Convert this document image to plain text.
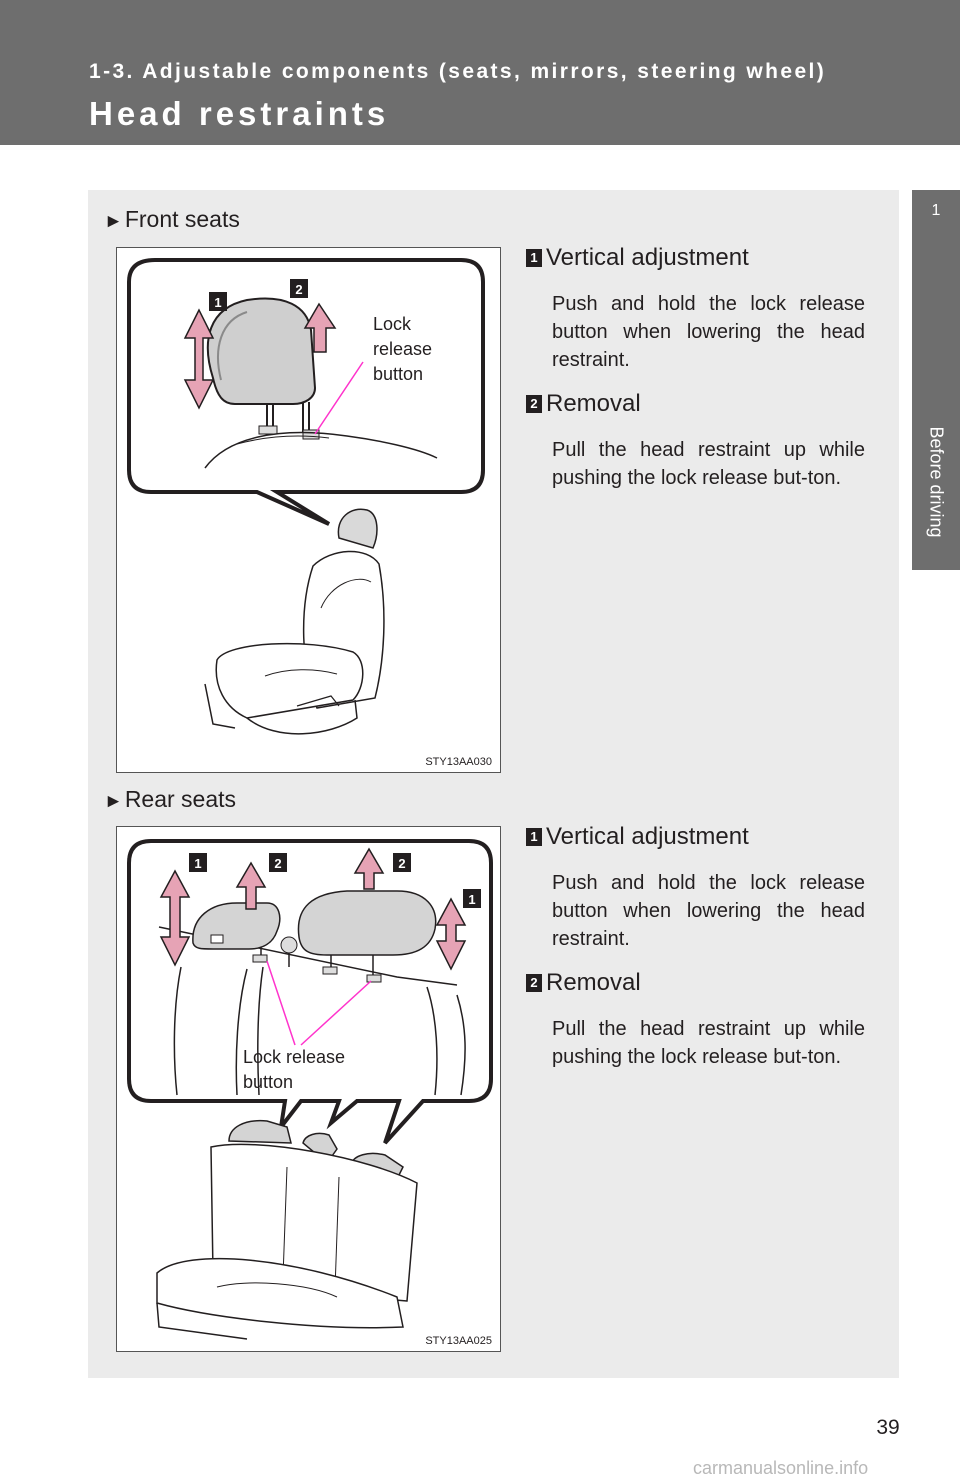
1-3. Adjustable components (seats, mirrors, steering wheel)
Head restraints
1
Before driving
►Front seats
1
2
Lock
release
button
STY13AA030
1 Vertical adjustment
Push and hold the lock release button when lowering the head restraint.
2 Removal
Pull the head restraint up while pushing the lock release but-ton.
►Rear seats
1	2	2
1
Lock release
button
STY13AA025
1 Vertical adjustment
Push and hold the lock release button when lowering the head restraint.
2 Removal
Pull the head restraint up while pushing the lock release but-ton.
39
carmanualsonline.info
